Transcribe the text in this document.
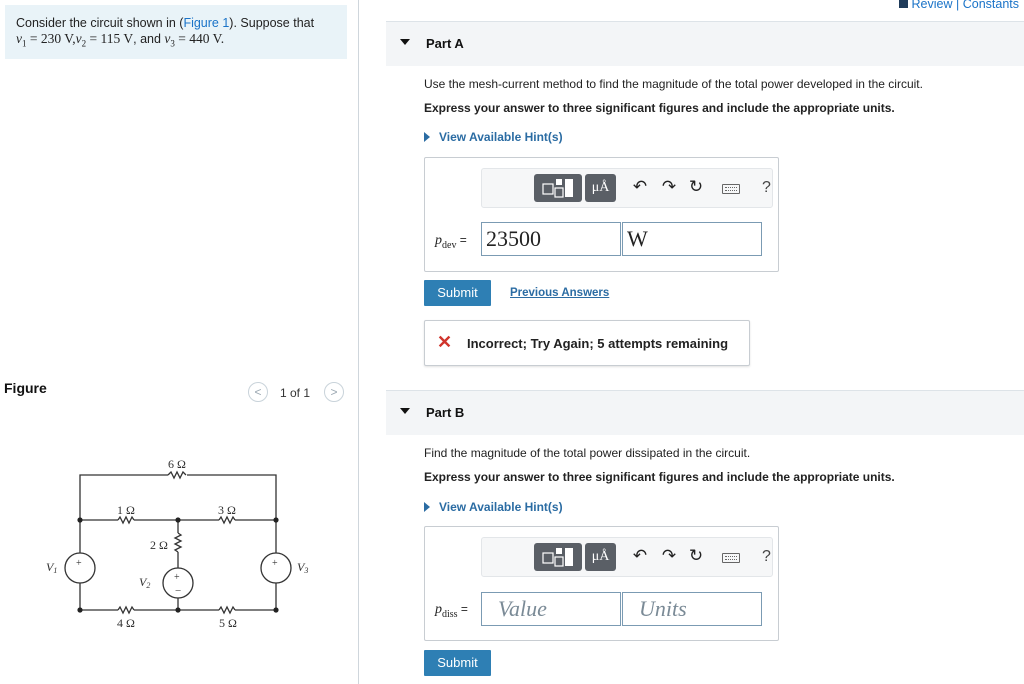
Review | Constants
Consider the circuit shown in (Figure 1). Suppose that
$v_1 = 230$ $V,v_2 = 115$ V, and $v_3 = 440$ V.
Figure	<	1 of 1	>
6 Ω
1 Ω	3 Ω
2 Ω
4 Ω	5 Ω
+
+
−
+
V1
V2
V3
Part A
Use the mesh-current method to find the magnitude of the total power developed in the circuit.
Express your answer to three significant figures and include the appropriate units.
View Available Hint(s)
μÅ	↶ ↷ ↻	?
$p_{dev} = 23500$	W
Submit	Previous Answers
✕ Incorrect; Try Again; 5 attempts remaining
Part B
Find the magnitude of the total power dissipated in the circuit.
Express your answer to three significant figures and include the appropriate units.
View Available Hint(s)
μÅ	↶ ↷ ↻	?
$p_{diss}$ =	Value	Units
Submit
